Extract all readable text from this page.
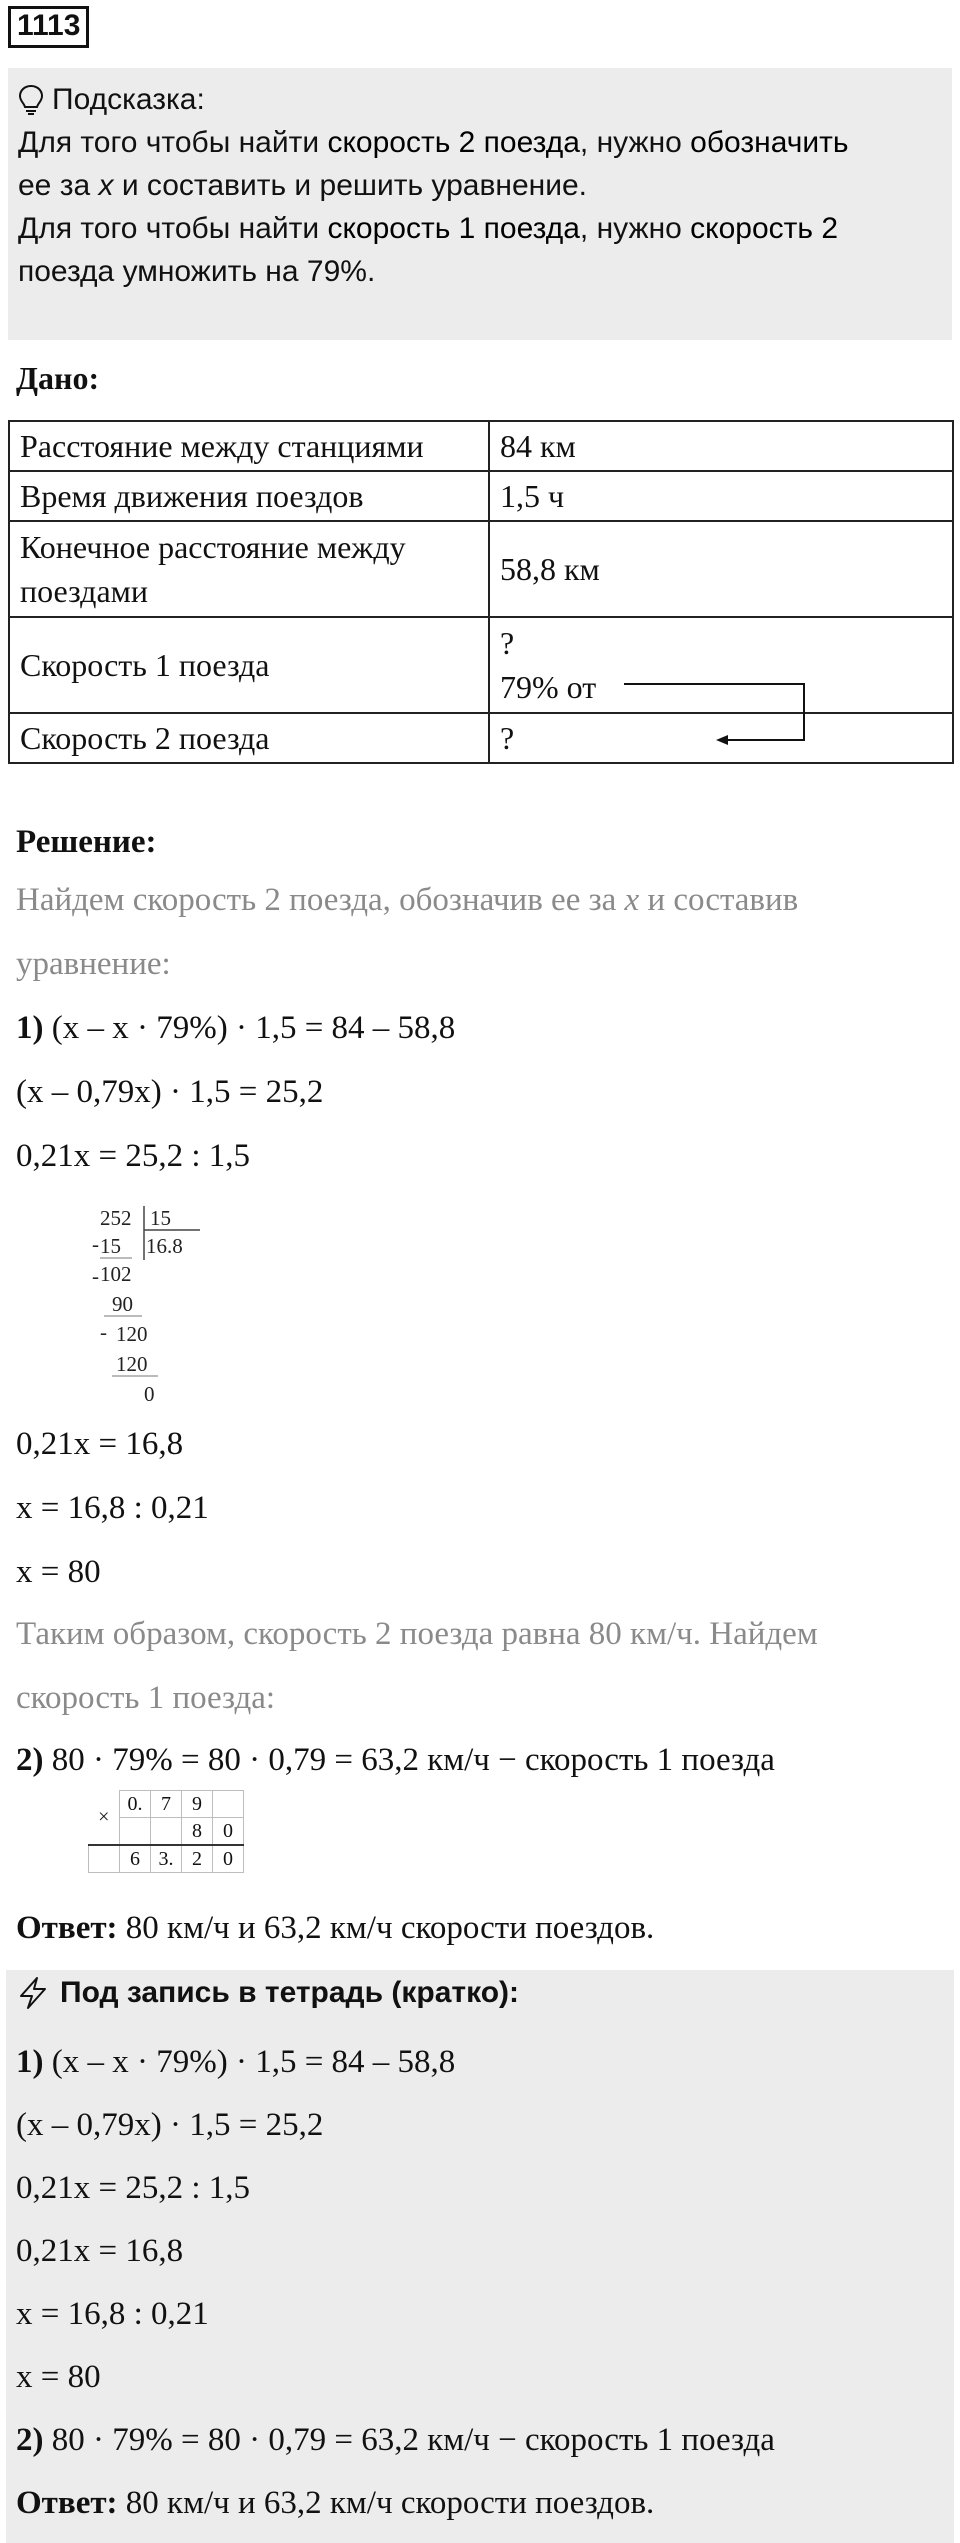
1113
Подсказка:

Для того чтобы найти скорость 2 поезда, нужно обозначить

ее за x и составить и решить уравнение.

Для того чтобы найти скорость 1 поезда, нужно скорость 2

поезда умножить на 79%.

Дано:
Расстояние между станциями	84 км
Время движения поездов	1,5 ч
Конечное расстояние между поездами	58,8 км
Скорость 1 поезда	?
79% от

Скорость 2 поезда	?
Решение:
Найдем скорость 2 поезда, обозначив ее за x и составив
уравнение:
1) (x – x · 79%) · 1,5 = 84 – 58,8
(x – 0,79x) · 1,5 = 25,2
0,21x = 25,2 : 1,5
252 15
16.8
- 15
- 102
90
- 120
120
0
0,21x = 16,8
x = 16,8 : 0,21
x = 80
Таким образом, скорость 2 поезда равна 80 км/ч. Найдем
скорость 1 поезда:
2) 80 · 79% = 80 · 0,79 = 63,2 км/ч − скорость 1 поезда
×	0.	7	9	
			8	0
	6	3.	2	0
Ответ: 80 км/ч и 63,2 км/ч скорости поездов.
Под запись в тетрадь (кратко):
1) (x – x · 79%) · 1,5 = 84 – 58,8
(x – 0,79x) · 1,5 = 25,2
0,21x = 25,2 : 1,5
0,21x = 16,8
x = 16,8 : 0,21
x = 80
2) 80 · 79% = 80 · 0,79 = 63,2 км/ч − скорость 1 поезда
Ответ: 80 км/ч и 63,2 км/ч скорости поездов.
